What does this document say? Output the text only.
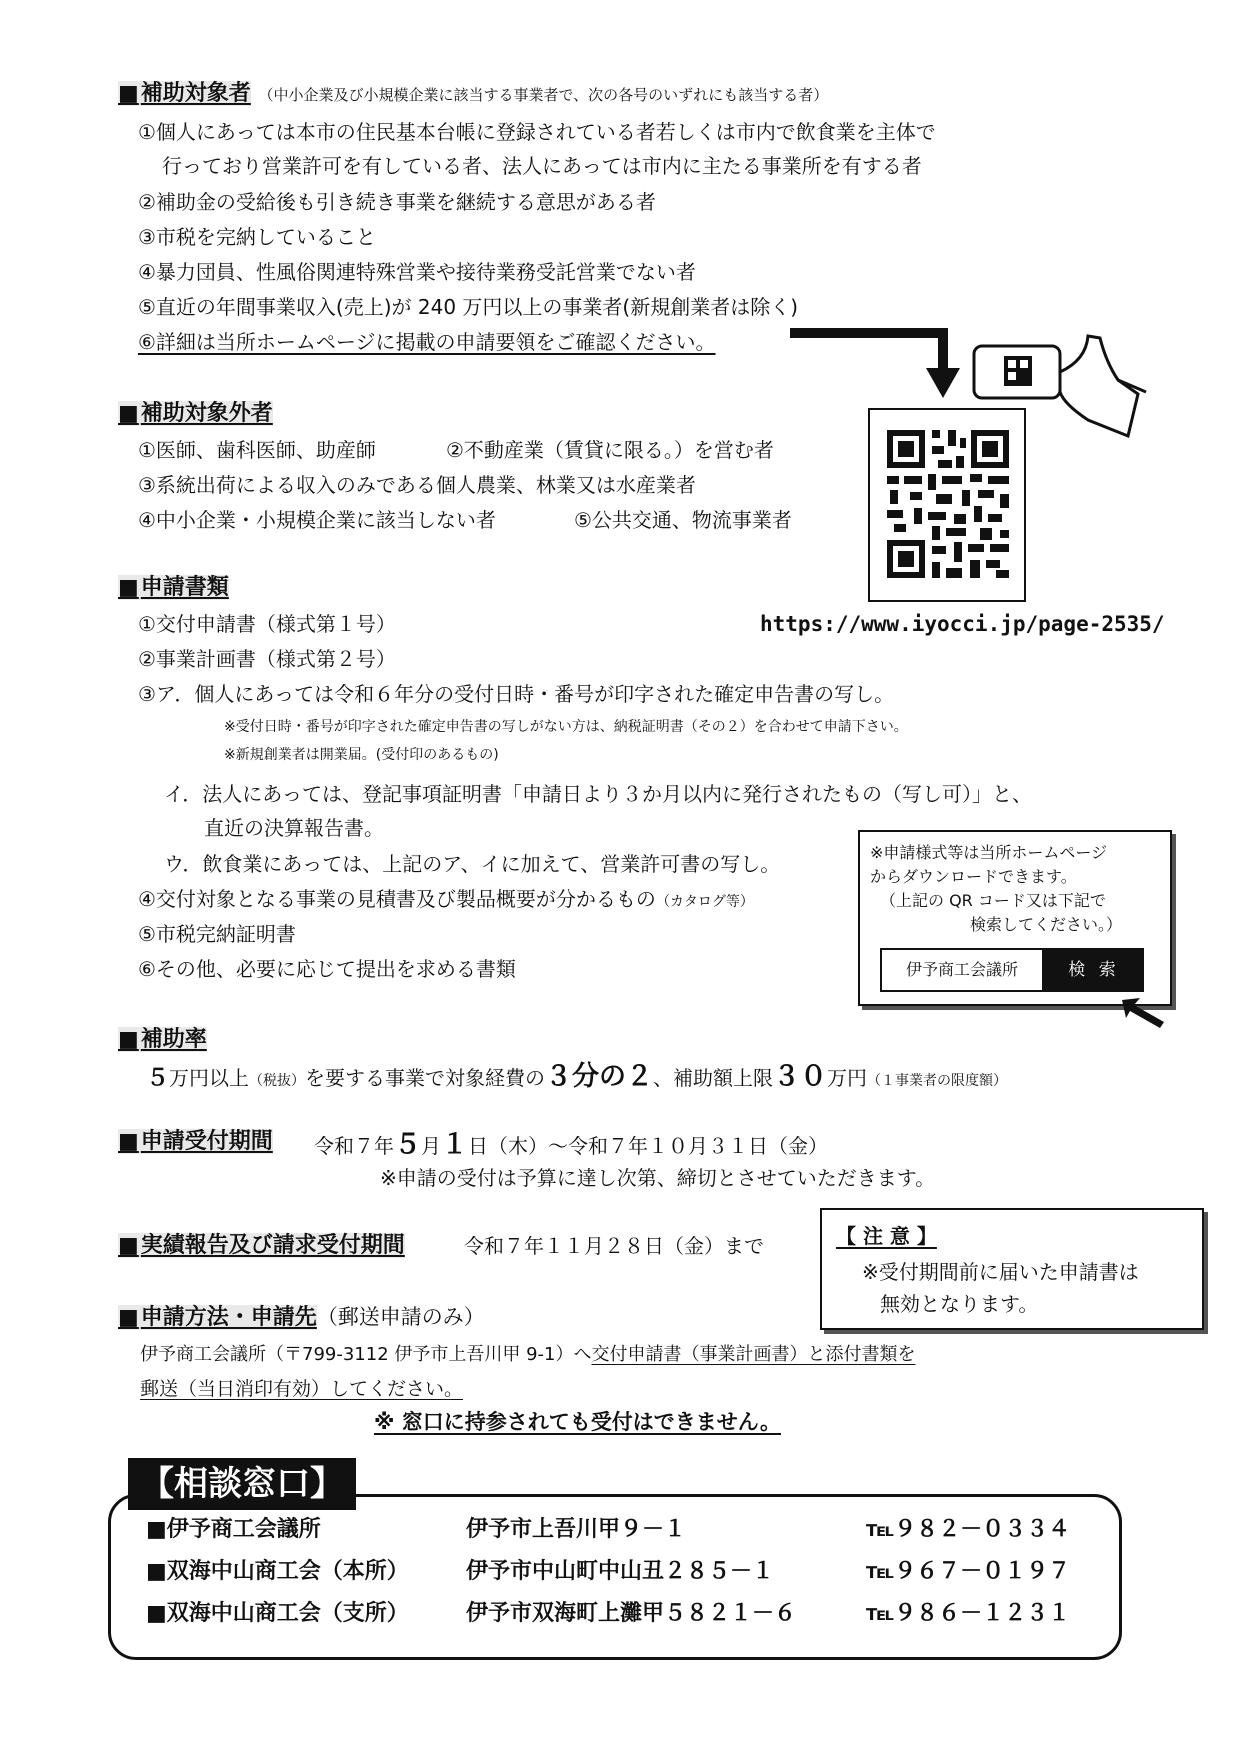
■補助対象者 （中小企業及び小規模企業に該当する事業者で、次の各号のいずれにも該当する者）
①個人にあっては本市の住民基本台帳に登録されている者若しくは市内で飲食業を主体で
行っており営業許可を有している者、法人にあっては市内に主たる事業所を有する者
②補助金の受給後も引き続き事業を継続する意思がある者
③市税を完納していること
④暴力団員、性風俗関連特殊営業や接待業務受託営業でない者
⑤直近の年間事業収入(売上)が 240 万円以上の事業者(新規創業者は除く)
⑥詳細は当所ホームページに掲載の申請要領をご確認ください。
https://www.iyocci.jp/page-2535/
■補助対象外者
①医師、歯科医師、助産師	②不動産業（賃貸に限る。）を営む者
③系統出荷による収入のみである個人農業、林業又は水産業者
④中小企業・小規模企業に該当しない者	⑤公共交通、物流事業者
■申請書類
①交付申請書（様式第１号）
②事業計画書（様式第２号）
③ア．個人にあっては令和６年分の受付日時・番号が印字された確定申告書の写し。
※受付日時・番号が印字された確定申告書の写しがない方は、納税証明書（その２）を合わせて申請下さい。
※新規創業者は開業届。(受付印のあるもの)
イ．法人にあっては、登記事項証明書「申請日より３か月以内に発行されたもの（写し可）」と、
直近の決算報告書。
ウ．飲食業にあっては、上記のア、イに加えて、営業許可書の写し。
④交付対象となる事業の見積書及び製品概要が分かるもの（カタログ等）
⑤市税完納証明書
⑥その他、必要に応じて提出を求める書類
※申請様式等は当所ホームページ
からダウンロードできます。
（上記の QR コード又は下記で
検索してください。）
伊予商工会議所	検 索
■補助率
５万円以上（税抜）を要する事業で対象経費の３分の２、補助額上限３０万円（１事業者の限度額）
■申請受付期間 令和７年５月１日（木）～令和７年１０月３１日（金）
※申請の受付は予算に達し次第、締切とさせていただきます。
■実績報告及び請求受付期間	令和７年１１月２８日（金）まで	【 注 意 】
※受付期間前に届いた申請書は
無効となります。
■申請方法・申請先（郵送申請のみ）
伊予商工会議所（〒799-3112 伊予市上吾川甲 9-1）へ交付申請書（事業計画書）と添付書類を
郵送（当日消印有効）してください。
※ 窓口に持参されても受付はできません。
【相談窓口】
■伊予商工会議所	伊予市上吾川甲９－１	℡９８２－０３３４
■双海中山商工会（本所）	伊予市中山町中山丑２８５－１	℡９６７－０１９７
■双海中山商工会（支所）	伊予市双海町上灘甲５８２１－６	℡９８６－１２３１
